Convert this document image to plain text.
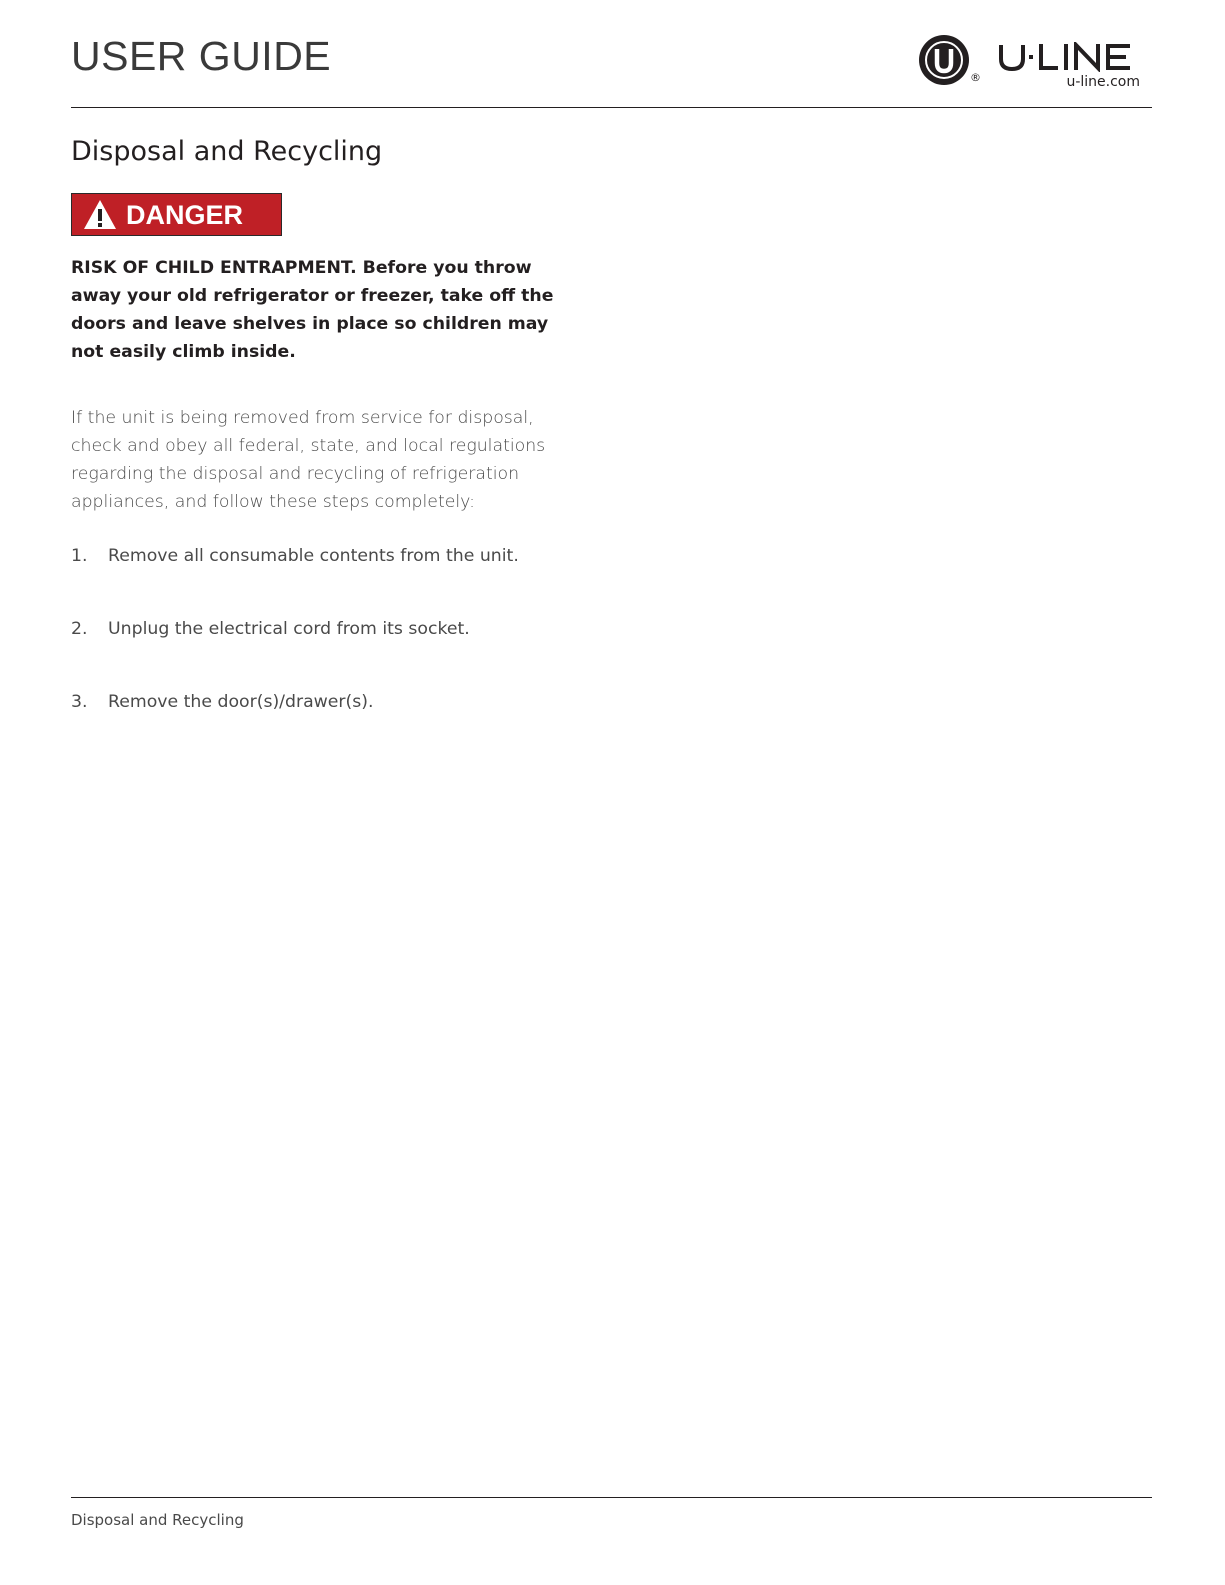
USER GUIDE	®	u-line.com
Disposal and Recycling
DANGER

RISK OF CHILD ENTRAPMENT. Before you throw away your old refrigerator or freezer, take off the doors and leave shelves in place so children may not easily climb inside.

If the unit is being removed from service for disposal, check and obey all federal, state, and local regulations regarding the disposal and recycling of refrigeration appliances, and follow these steps completely:

1. Remove all consumable contents from the unit.
2. Unplug the electrical cord from its socket.
3. Remove the door(s)/drawer(s).
Disposal and Recycling
